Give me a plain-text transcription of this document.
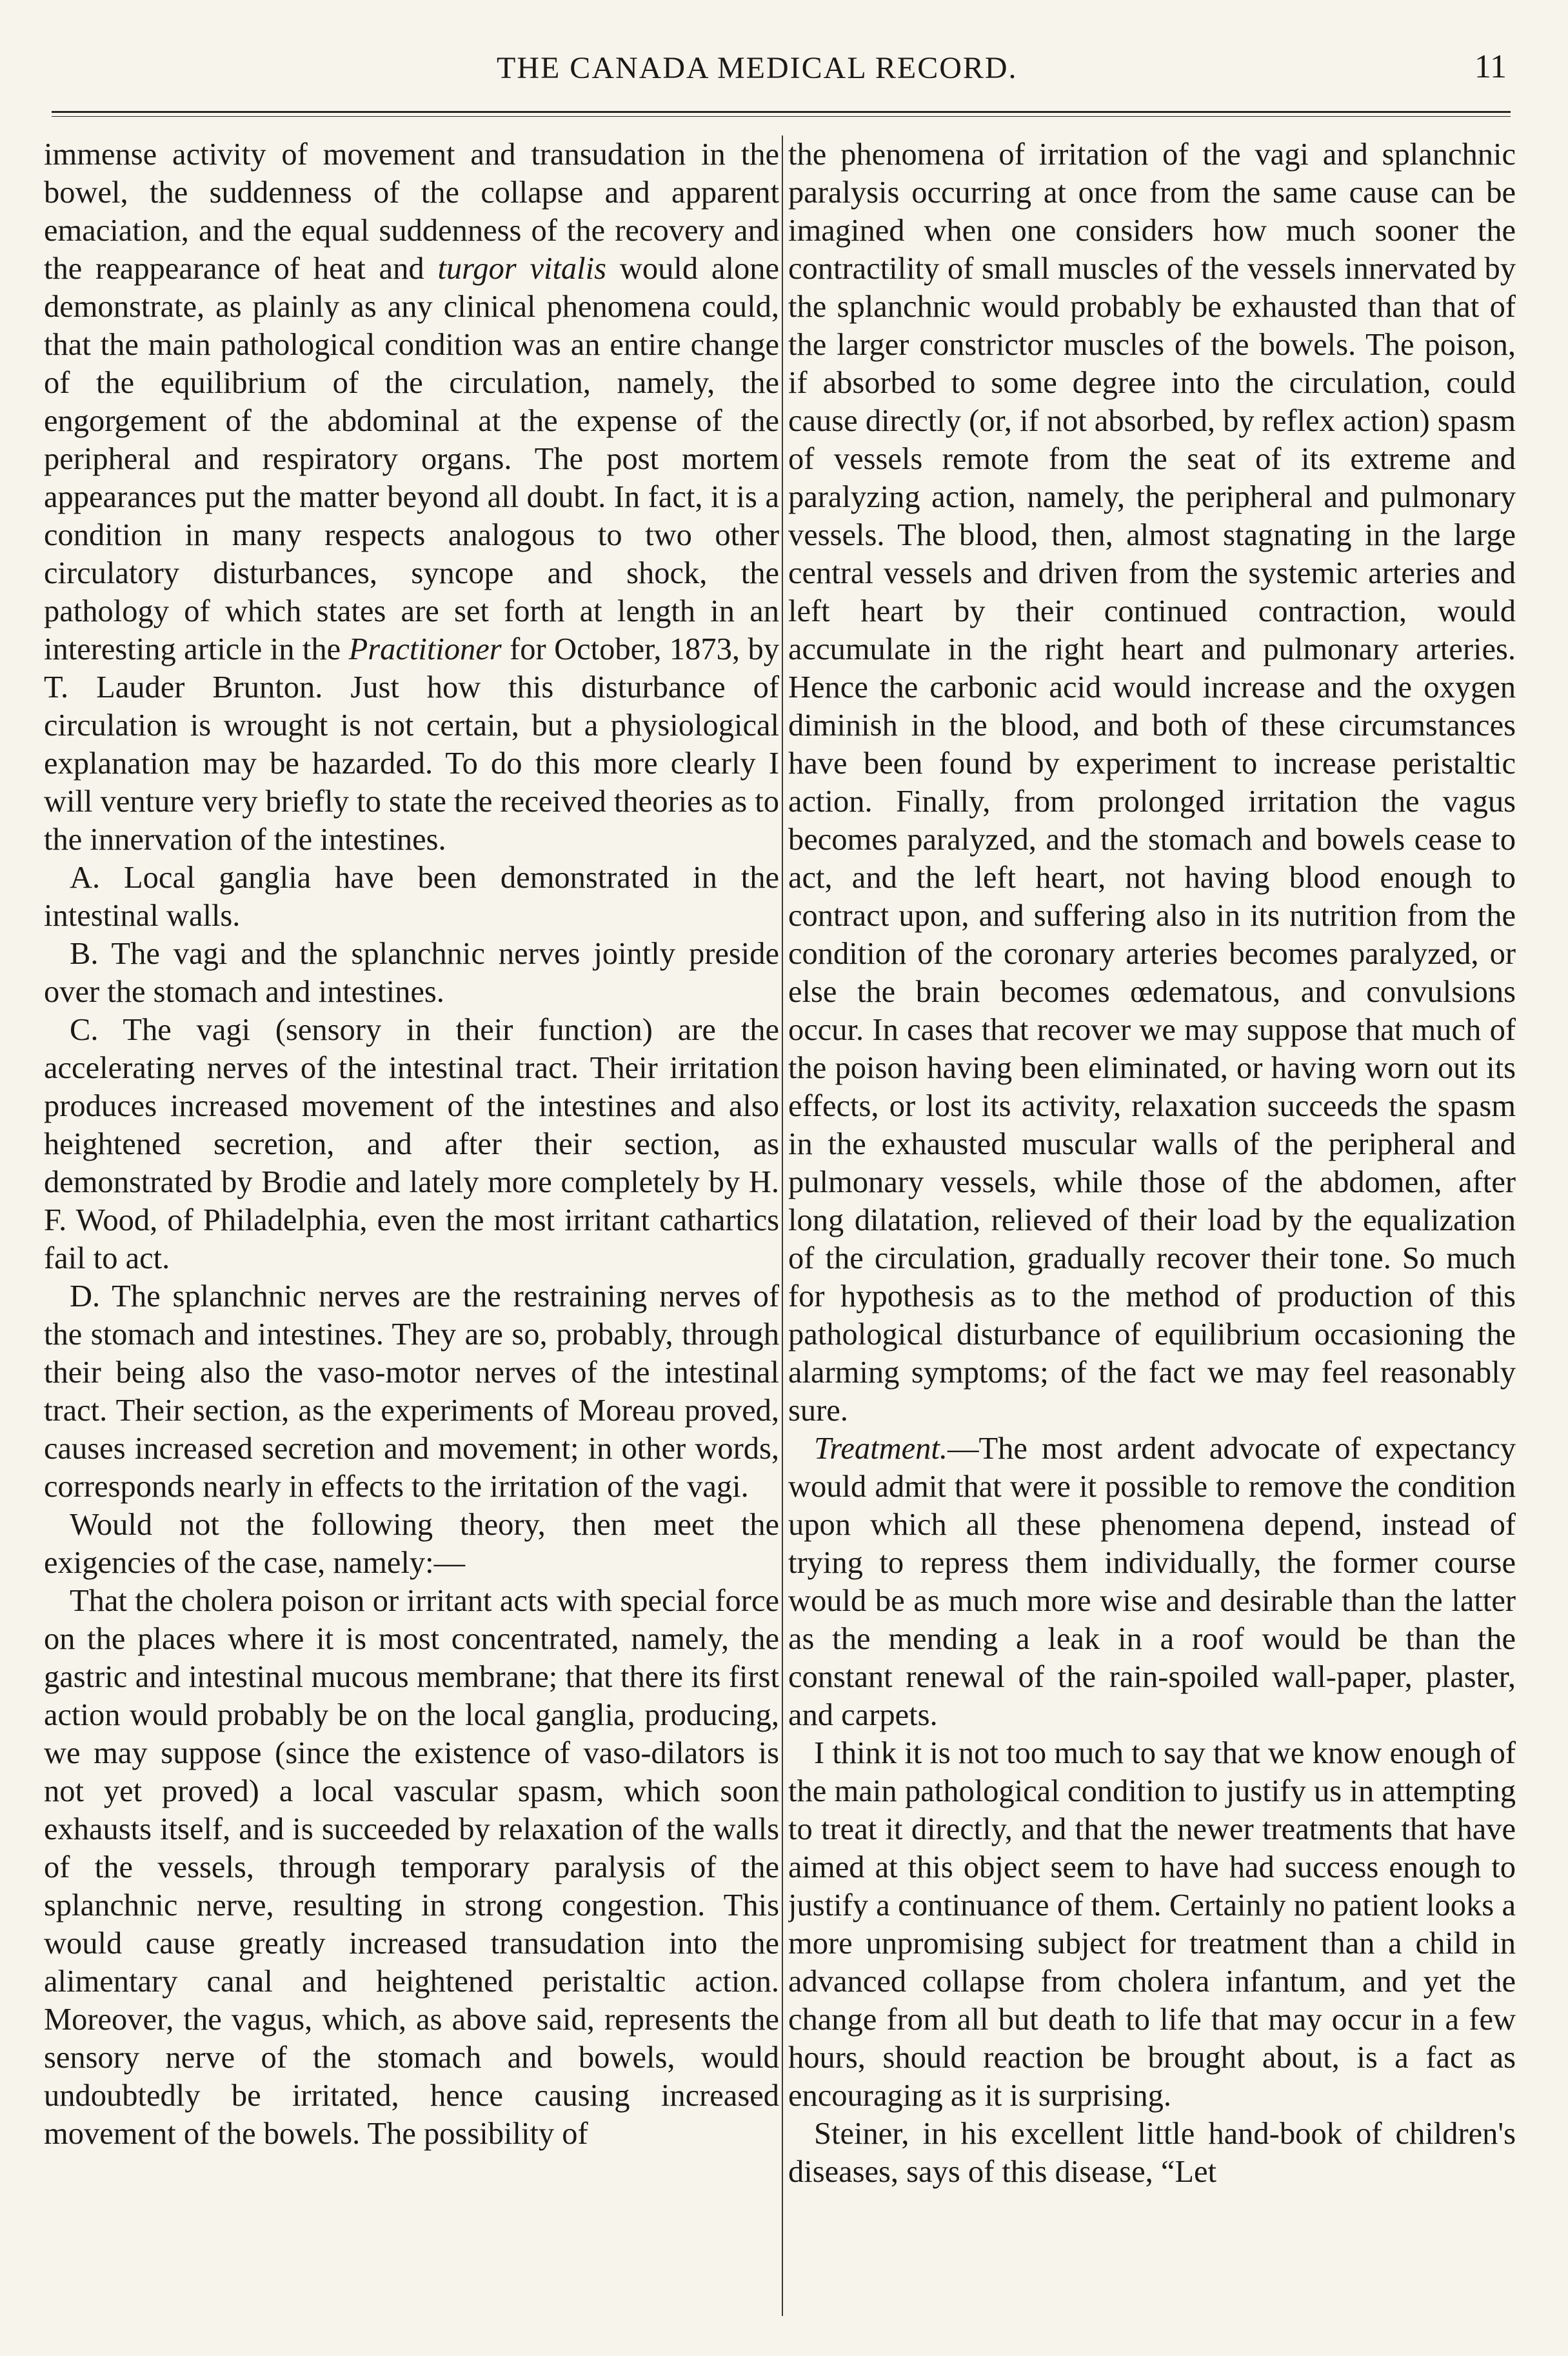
THE CANADA MEDICAL RECORD.	11

immense activity of movement and transudation in the bowel, the suddenness of the collapse and apparent emaciation, and the equal suddenness of the recovery and the reappearance of heat and turgor vitalis would alone demonstrate, as plainly as any clinical phenomena could, that the main pathological condition was an entire change of the equilibrium of the circulation, namely, the engorgement of the abdominal at the expense of the peripheral and respiratory organs. The post mortem appearances put the matter beyond all doubt. In fact, it is a condition in many respects analogous to two other circulatory disturbances, syncope and shock, the pathology of which states are set forth at length in an interesting article in the Practitioner for October, 1873, by T. Lauder Brunton. Just how this disturbance of circulation is wrought is not certain, but a physiological explanation may be hazarded. To do this more clearly I will venture very briefly to state the received theories as to the innervation of the intestines.

A. Local ganglia have been demonstrated in the intestinal walls.

B. The vagi and the splanchnic nerves jointly preside over the stomach and intestines.

C. The vagi (sensory in their function) are the accelerating nerves of the intestinal tract. Their irritation produces increased movement of the intestines and also heightened secretion, and after their section, as demonstrated by Brodie and lately more completely by H. F. Wood, of Philadelphia, even the most irritant cathartics fail to act.

D. The splanchnic nerves are the restraining nerves of the stomach and intestines. They are so, probably, through their being also the vaso-motor nerves of the intestinal tract. Their section, as the experiments of Moreau proved, causes increased secretion and movement; in other words, corresponds nearly in effects to the irritation of the vagi.

Would not the following theory, then meet the exigencies of the case, namely:—

That the cholera poison or irritant acts with special force on the places where it is most concentrated, namely, the gastric and intestinal mucous membrane; that there its first action would probably be on the local ganglia, producing, we may suppose (since the existence of vaso-dilators is not yet proved) a local vascular spasm, which soon exhausts itself, and is succeeded by relaxation of the walls of the vessels, through temporary paralysis of the splanchnic nerve, resulting in strong congestion. This would cause greatly increased transudation into the alimentary canal and heightened peristaltic action. Moreover, the vagus, which, as above said, represents the sensory nerve of the stomach and bowels, would undoubtedly be irritated, hence causing increased movement of the bowels. The possibility of

the phenomena of irritation of the vagi and splanchnic paralysis occurring at once from the same cause can be imagined when one considers how much sooner the contractility of small muscles of the vessels innervated by the splanchnic would probably be exhausted than that of the larger constrictor muscles of the bowels. The poison, if absorbed to some degree into the circulation, could cause directly (or, if not absorbed, by reflex action) spasm of vessels remote from the seat of its extreme and paralyzing action, namely, the peripheral and pulmonary vessels. The blood, then, almost stagnating in the large central vessels and driven from the systemic arteries and left heart by their continued contraction, would accumulate in the right heart and pulmonary arteries. Hence the carbonic acid would increase and the oxygen diminish in the blood, and both of these circumstances have been found by experiment to increase peristaltic action. Finally, from prolonged irritation the vagus becomes paralyzed, and the stomach and bowels cease to act, and the left heart, not having blood enough to contract upon, and suffering also in its nutrition from the condition of the coronary arteries becomes paralyzed, or else the brain becomes œdematous, and convulsions occur. In cases that recover we may suppose that much of the poison having been eliminated, or having worn out its effects, or lost its activity, relaxation succeeds the spasm in the exhausted muscular walls of the peripheral and pulmonary vessels, while those of the abdomen, after long dilatation, relieved of their load by the equalization of the circulation, gradually recover their tone. So much for hypothesis as to the method of production of this pathological disturbance of equilibrium occasioning the alarming symptoms; of the fact we may feel reasonably sure.

Treatment.—The most ardent advocate of expectancy would admit that were it possible to remove the condition upon which all these phenomena depend, instead of trying to repress them individually, the former course would be as much more wise and desirable than the latter as the mending a leak in a roof would be than the constant renewal of the rain-spoiled wall-paper, plaster, and carpets.

I think it is not too much to say that we know enough of the main pathological condition to justify us in attempting to treat it directly, and that the newer treatments that have aimed at this object seem to have had success enough to justify a continuance of them. Certainly no patient looks a more unpromising subject for treatment than a child in advanced collapse from cholera infantum, and yet the change from all but death to life that may occur in a few hours, should reaction be brought about, is a fact as encouraging as it is surprising.

Steiner, in his excellent little hand-book of children's diseases, says of this disease, “Let
